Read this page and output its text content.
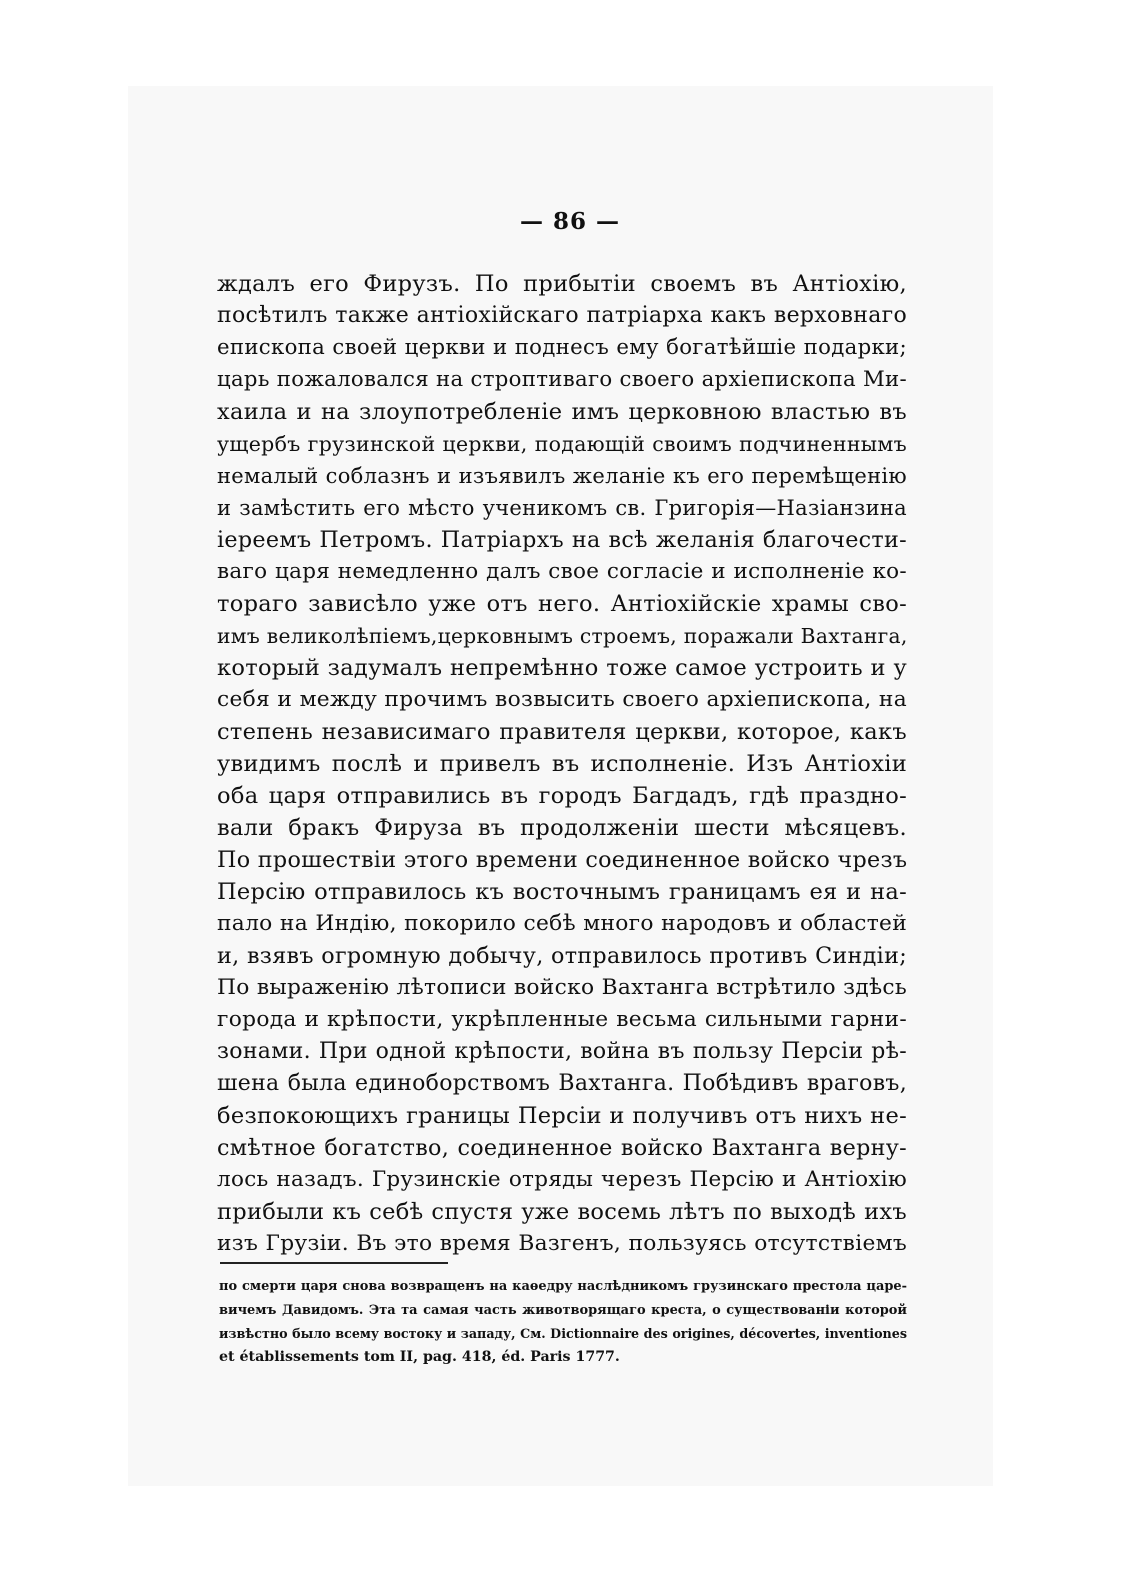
— 86 —
ждалъ его Фирузъ. По прибытіи своемъ въ Антіохію,
посѣтилъ также антіохійскаго патріарха какъ верховнаго
епископа своей церкви и поднесъ ему богатѣйшіе подарки;
царь пожаловался на строптиваго своего архіепископа Ми-
хаила и на злоупотребленіе имъ церковною властью въ
ущербъ грузинской церкви, подающій своимъ подчиненнымъ
немалый соблазнъ и изъявилъ желаніе къ его перемѣщенію
и замѣстить его мѣсто ученикомъ св. Григорія—Назіанзина
іереемъ Петромъ. Патріархъ на всѣ желанія благочести-
ваго царя немедленно далъ свое согласіе и исполненіе ко-
тораго зависѣло уже отъ него. Антіохійскіе храмы сво-
имъ великолѣпіемъ,церковнымъ строемъ, поражали Вахтанга,
который задумалъ непремѣнно тоже самое устроить и у
себя и между прочимъ возвысить своего архіепископа, на
степень независимаго правителя церкви, которое, какъ
увидимъ послѣ и привелъ въ исполненіе. Изъ Антіохіи
оба царя отправились въ городъ Багдадъ, гдѣ праздно-
вали бракъ Фируза въ продолженіи шести мѣсяцевъ.
По прошествіи этого времени соединенное войско чрезъ
Персію отправилось къ восточнымъ границамъ ея и на-
пало на Индію, покорило себѣ много народовъ и областей
и, взявъ огромную добычу, отправилось противъ Синдіи;
По выраженію лѣтописи войско Вахтанга встрѣтило здѣсь
города и крѣпости, укрѣпленные весьма сильными гарни-
зонами. При одной крѣпости, война въ пользу Персіи рѣ-
шена была единоборствомъ Вахтанга. Побѣдивъ враговъ,
безпокоющихъ границы Персіи и получивъ отъ нихъ не-
смѣтное богатство, соединенное войско Вахтанга верну-
лось назадъ. Грузинскіе отряды черезъ Персію и Антіохію
прибыли къ себѣ спустя уже восемь лѣтъ по выходѣ ихъ
изъ Грузіи. Въ это время Вазгенъ, пользуясь отсутствіемъ
по смерти царя снова возвращенъ на каѳедру наслѣдникомъ грузинскаго престола царе-
вичемъ Давидомъ. Эта та самая часть животворящаго креста, о существованіи которой
извѣстно было всему востоку и западу, См. Dictionnaire des origines, décovertes, inventiones
et établissements tom II, pag. 418, éd. Paris 1777.
